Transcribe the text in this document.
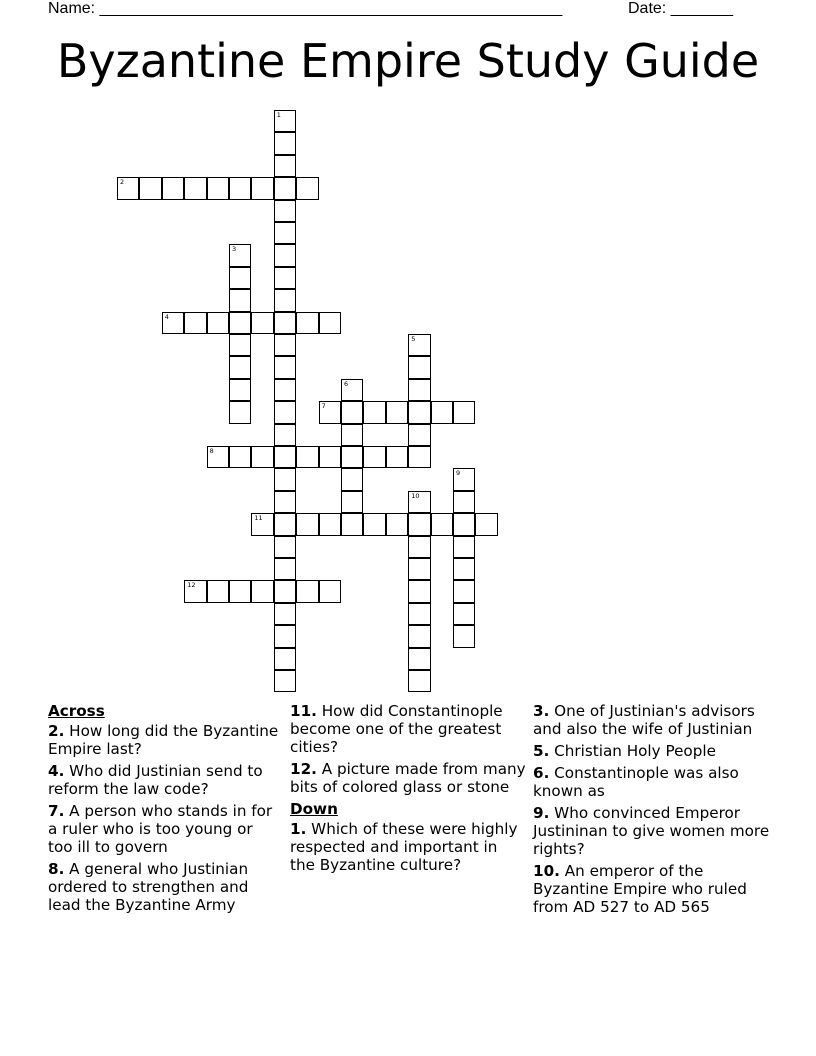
Name: ____________________________________________________	Date: _______
Byzantine Empire Study Guide
1
2
3
4
5
6
7
8
9
10
11
12
Across
2. How long did the Byzantine Empire last?
4. Who did Justinian send to reform the law code?
7. A person who stands in for a ruler who is too young or too ill to govern
8. A general who Justinian ordered to strengthen and lead the Byzantine Army
11. How did Constantinople become one of the greatest cities?
12. A picture made from many bits of colored glass or stone
Down
1. Which of these were highly respected and important in the Byzantine culture?
3. One of Justinian's advisors and also the wife of Justinian
5. Christian Holy People
6. Constantinople was also known as
9. Who convinced Emperor Justininan to give women more rights?
10. An emperor of the Byzantine Empire who ruled from AD 527 to AD 565
